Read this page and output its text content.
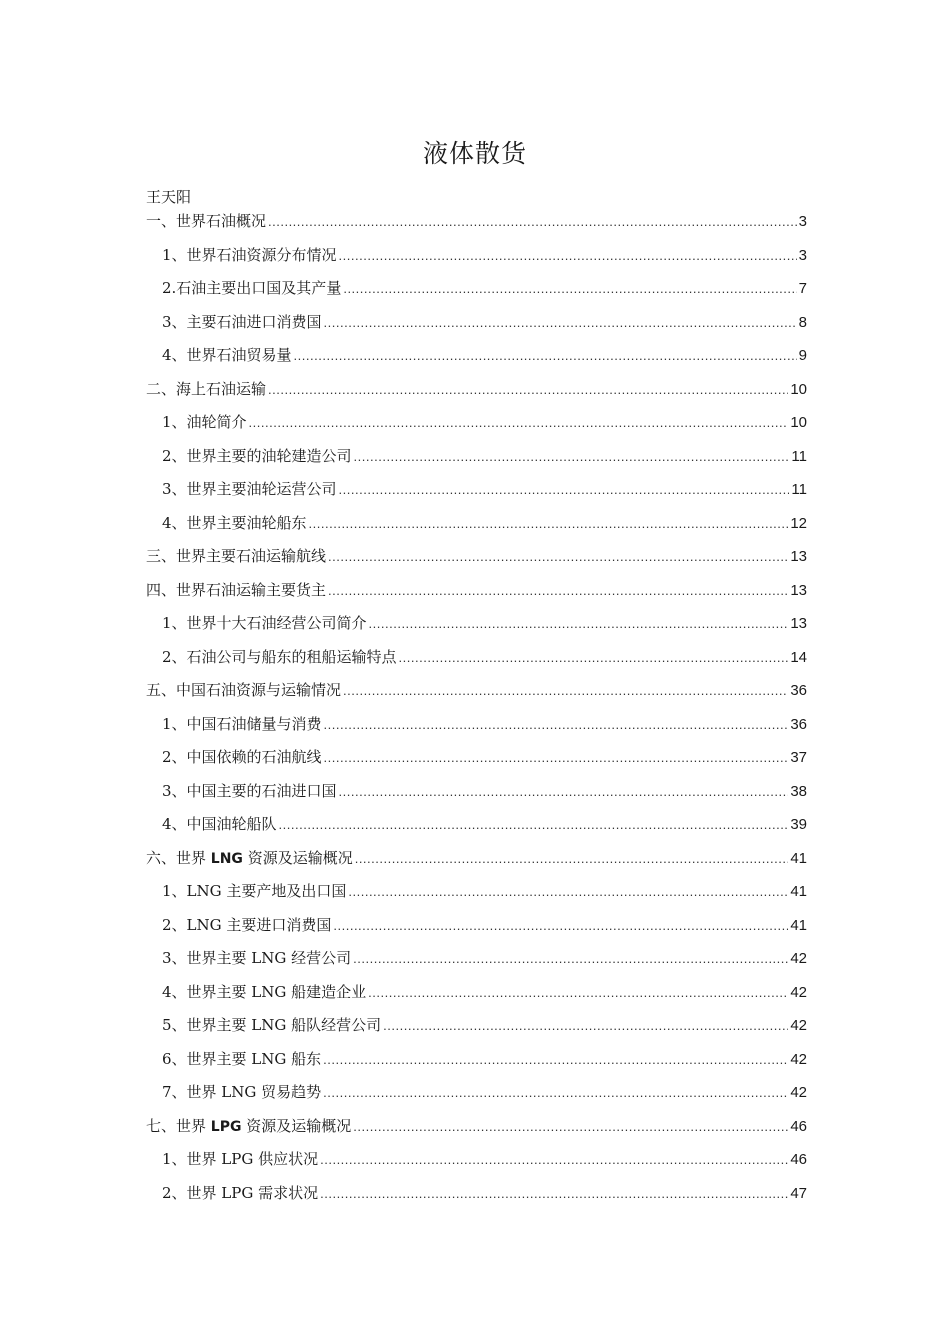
液体散货
王天阳
一、世界石油概况 .....	3
1、世界石油资源分布情况 .....	3
2.石油主要出口国及其产量 .....	7
3、主要石油进口消费国 .....	8
4、世界石油贸易量 .....	9
二、海上石油运输 .....	10
1、油轮简介 .....	10
2、世界主要的油轮建造公司 .....	11
3、世界主要油轮运营公司 .....	11
4、世界主要油轮船东 .....	12
三、世界主要石油运输航线 .....	13
四、世界石油运输主要货主 .....	13
1、世界十大石油经营公司简介 .....	13
2、石油公司与船东的租船运输特点 .....	14
五、中国石油资源与运输情况 .....	36
1、中国石油储量与消费 .....	36
2、中国依赖的石油航线 .....	37
3、中国主要的石油进口国 .....	38
4、中国油轮船队 .....	39
六、世界 LNG 资源及运输概况 .....	41
1、LNG 主要产地及出口国 .....	41
2、LNG 主要进口消费国 .....	41
3、世界主要 LNG 经营公司 .....	42
4、世界主要 LNG 船建造企业 .....	42
5、世界主要 LNG 船队经营公司 .....	42
6、世界主要 LNG 船东 .....	42
7、世界 LNG 贸易趋势 .....	42
七、世界 LPG 资源及运输概况 .....	46
1、世界 LPG 供应状况 .....	46
2、世界 LPG 需求状况 .....	47
